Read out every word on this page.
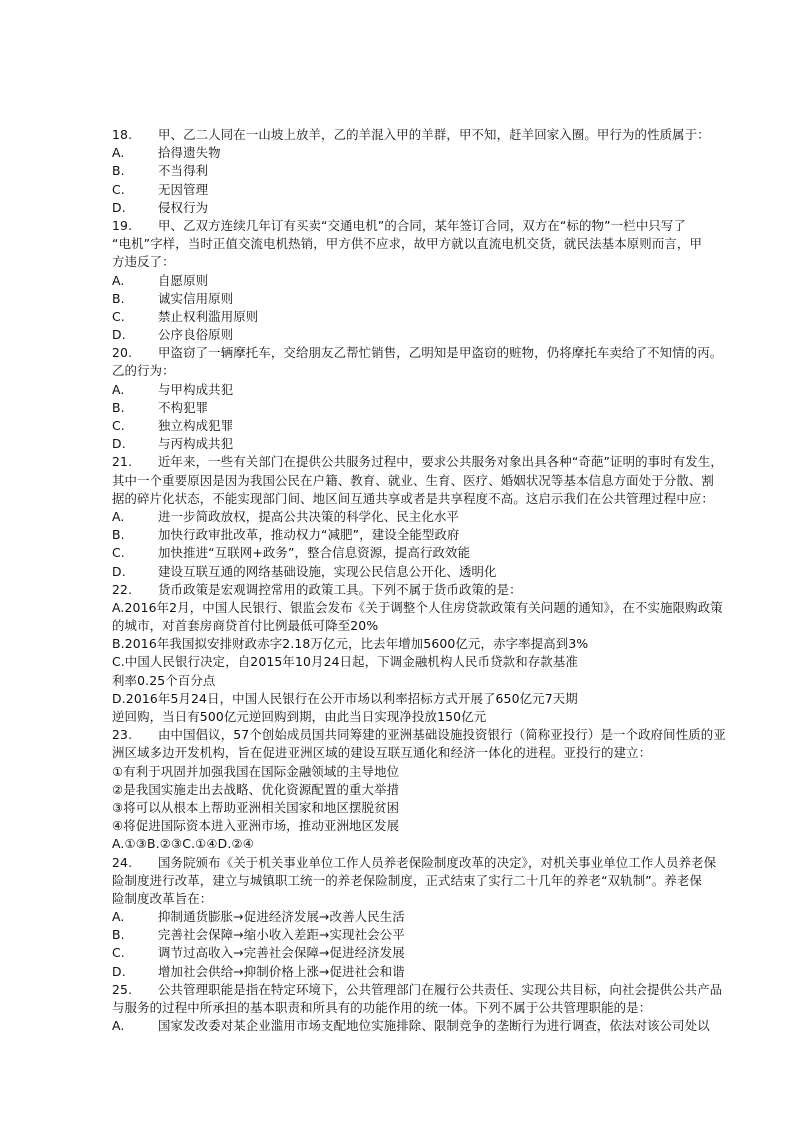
18.	甲、乙二人同在一山坡上放羊，乙的羊混入甲的羊群，甲不知，赶羊回家入圈。甲行为的性质属于：
A.	拾得遗失物
B.	不当得利
C.	无因管理
D.	侵权行为
19.	甲、乙双方连续几年订有买卖“交通电机”的合同，某年签订合同，双方在“标的物”一栏中只写了
“电机”字样，当时正值交流电机热销，甲方供不应求，故甲方就以直流电机交货，就民法基本原则而言，甲
方违反了：
A.	自愿原则
B.	诚实信用原则
C.	禁止权利滥用原则
D.	公序良俗原则
20.	甲盗窃了一辆摩托车，交给朋友乙帮忙销售，乙明知是甲盗窃的赃物，仍将摩托车卖给了不知情的丙。
乙的行为：
A.	与甲构成共犯
B.	不构犯罪
C.	独立构成犯罪
D.	与丙构成共犯
21.	近年来，一些有关部门在提供公共服务过程中，要求公共服务对象出具各种“奇葩”证明的事时有发生，
其中一个重要原因是因为我国公民在户籍、教育、就业、生育、医疗、婚姻状况等基本信息方面处于分散、割
据的碎片化状态，不能实现部门间、地区间互通共享或者是共享程度不高。这启示我们在公共管理过程中应：
A.	进一步简政放权，提高公共决策的科学化、民主化水平
B.	加快行政审批改革，推动权力“减肥”，建设全能型政府
C.	加快推进“互联网+政务”，整合信息资源，提高行政效能
D.	建设互联互通的网络基础设施，实现公民信息公开化、透明化
22.	货币政策是宏观调控常用的政策工具。下列不属于货币政策的是：
A.2016年2月，中国人民银行、银监会发布《关于调整个人住房贷款政策有关问题的通知》，在不实施限购政策
的城市，对首套房商贷首付比例最低可降至20%
B.2016年我国拟安排财政赤字2.18万亿元，比去年增加5600亿元，赤字率提高到3%
C.中国人民银行决定，自2015年10月24日起，下调金融机构人民币贷款和存款基准
利率0.25个百分点
D.2016年5月24日，中国人民银行在公开市场以利率招标方式开展了650亿元7天期
逆回购，当日有500亿元逆回购到期，由此当日实现净投放150亿元
23.	由中国倡议，57个创始成员国共同筹建的亚洲基础设施投资银行（简称亚投行）是一个政府间性质的亚
洲区域多边开发机构，旨在促进亚洲区域的建设互联互通化和经济一体化的进程。亚投行的建立：
①有利于巩固并加强我国在国际金融领域的主导地位
②是我国实施走出去战略、优化资源配置的重大举措
③将可以从根本上帮助亚洲相关国家和地区摆脱贫困
④将促进国际资本进入亚洲市场，推动亚洲地区发展
A.①③B.②③C.①④D.②④
24.	国务院颁布《关于机关事业单位工作人员养老保险制度改革的决定》，对机关事业单位工作人员养老保
险制度进行改革，建立与城镇职工统一的养老保险制度，正式结束了实行二十几年的养老“双轨制”。养老保
险制度改革旨在：
A.	抑制通货膨胀→促进经济发展→改善人民生活
B.	完善社会保障→缩小收入差距→实现社会公平
C.	调节过高收入→完善社会保障→促进经济发展
D.	增加社会供给→抑制价格上涨→促进社会和谐
25.	公共管理职能是指在特定环境下，公共管理部门在履行公共责任、实现公共目标，向社会提供公共产品
与服务的过程中所承担的基本职责和所具有的功能作用的统一体。下列不属于公共管理职能的是：
A.	国家发改委对某企业滥用市场支配地位实施排除、限制竞争的垄断行为进行调查，依法对该公司处以
